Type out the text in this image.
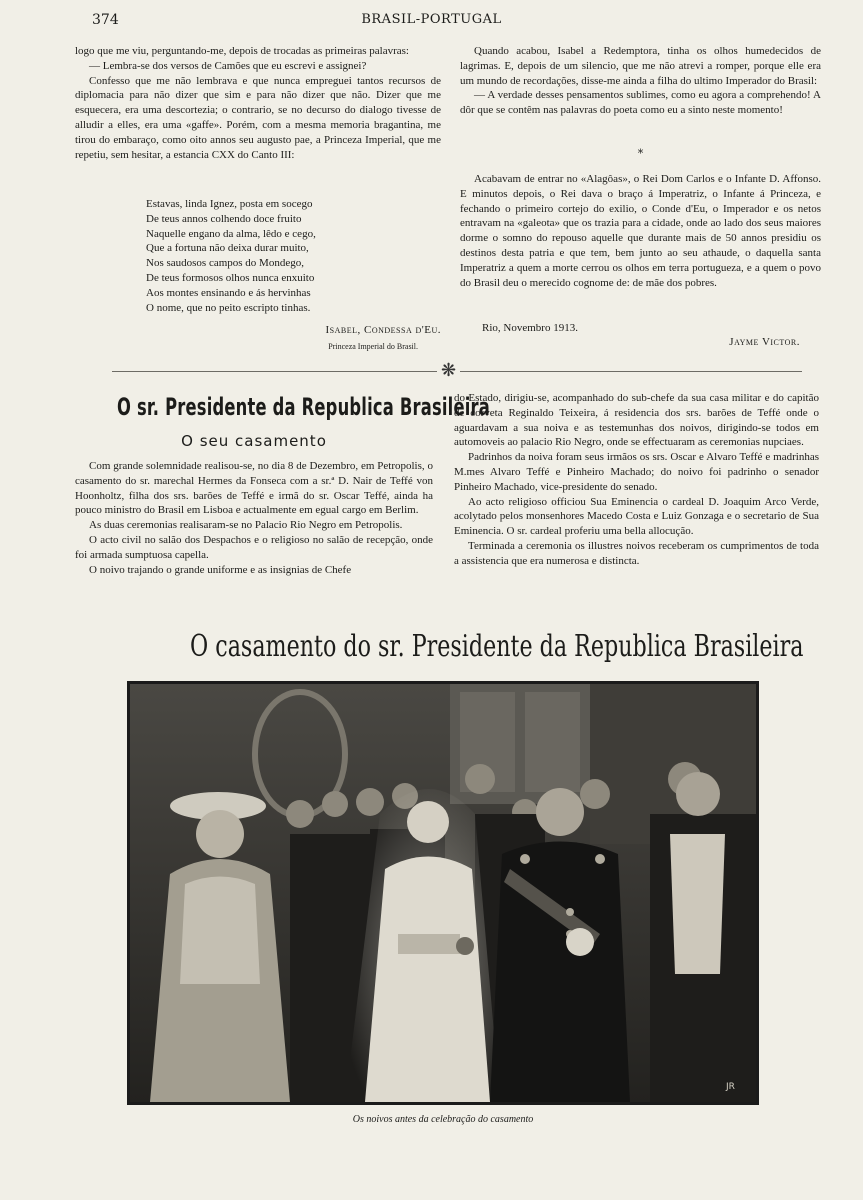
374	BRASIL-PORTUGAL

logo que me viu, perguntando-me, depois de trocadas as primeiras palavras:

— Lembra-se dos versos de Camões que eu escrevi e assignei?

Confesso que me não lembrava e que nunca empreguei tantos recursos de diplomacia para não dizer que sim e para não dizer que não. Dizer que me esquecera, era uma descortezia; o contrario, se no decurso do dialogo tivesse de alludir a elles, era uma «gaffe». Porém, com a mesma memoria bragantina, me tirou do embaraço, como oito annos seu augusto pae, a Princeza Imperial, que me repetiu, sem hesitar, a estancia CXX do Canto III:

Estavas, linda Ignez, posta em socego
De teus annos colhendo doce fruito
Naquelle engano da alma, lêdo e cego,
Que a fortuna não deixa durar muito,
Nos saudosos campos do Mondego,
De teus formosos olhos nunca enxuito
Aos montes ensinando e ás hervinhas
O nome, que no peito escripto tinhas.
Isabel, Condessa d'Eu.
Princeza Imperial do Brasil.

Quando acabou, Isabel a Redemptora, tinha os olhos humedecidos de lagrimas. E, depois de um silencio, que me não atrevi a romper, porque elle era um mundo de recordações, disse-me ainda a filha do ultimo Imperador do Brasil:

— A verdade desses pensamentos sublimes, como eu agora a comprehendo! A dôr que se contêm nas palavras do poeta como eu a sinto neste momento!

*

Acabavam de entrar no «Alagôas», o Rei Dom Carlos e o Infante D. Affonso. E minutos depois, o Rei dava o braço á Imperatriz, o Infante á Princeza, e fechando o primeiro cortejo do exilio, o Conde d'Eu, o Imperador e os netos entravam na «galeota» que os trazia para a cidade, onde ao lado dos seus maiores dorme o somno do repouso aquelle que durante mais de 50 annos presidiu os destinos desta patria e que tem, bem junto ao seu athaude, o daquella santa Imperatriz a quem a morte cerrou os olhos em terra portugueza, e a quem o povo do Brasil deu o merecido cognome de: de mãe dos pobres.

Rio, Novembro 1913.
Jayme Victor.
❋
O sr. Presidente da Republica Brasileira
O seu casamento

Com grande solemnidade realisou-se, no dia 8 de Dezembro, em Petropolis, o casamento do sr. marechal Hermes da Fonseca com a sr.ª D. Nair de Teffé von Hoonholtz, filha dos srs. barões de Teffé e irmã do sr. Oscar Teffé, ainda ha pouco ministro do Brasil em Lisboa e actualmente em egual cargo em Berlim.

As duas ceremonias realisaram-se no Palacio Rio Negro em Petropolis.

O acto civil no salão dos Despachos e o religioso no salão de recepção, onde foi armada sumptuosa capella.

O noivo trajando o grande uniforme e as insignias de Chefe

do Estado, dirigiu-se, acompanhado do sub-chefe da sua casa militar e do capitão de corveta Reginaldo Teixeira, á residencia dos srs. barões de Teffé onde o aguardavam a sua noiva e as testemunhas dos noivos, dirigindo-se todos em automoveis ao palacio Rio Negro, onde se effectuaram as ceremonias nupciaes.

Padrinhos da noiva foram seus irmãos os srs. Oscar e Alvaro Teffé e madrinhas M.mes Alvaro Teffé e Pinheiro Machado; do noivo foi padrinho o senador Pinheiro Machado, vice-presidente do senado.

Ao acto religioso officiou Sua Eminencia o cardeal D. Joaquim Arco Verde, acolytado pelos monsenhores Macedo Costa e Luiz Gonzaga e o secretario de Sua Eminencia. O sr. cardeal proferiu uma bella allocução.

Terminada a ceremonia os illustres noivos receberam os cumprimentos de toda a assistencia que era numerosa e distincta.

O casamento do sr. Presidente da Republica Brasileira
JR
Os noivos antes da celebração do casamento
